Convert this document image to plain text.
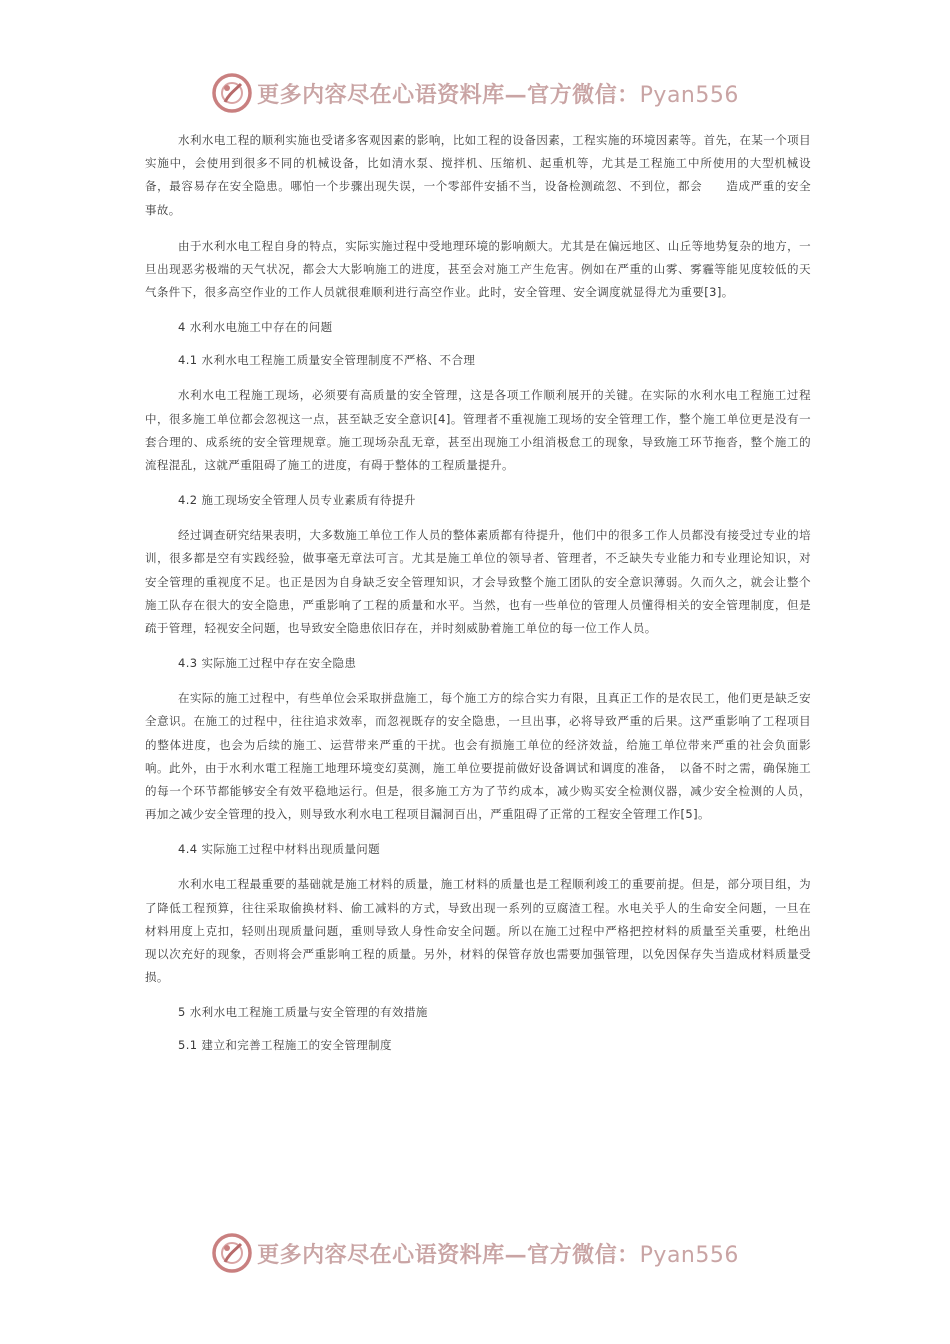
更多内容尽在心语资料库—官方微信：Pyan556

水利水电工程的顺利实施也受诸多客观因素的影响，比如工程的设备因素，工程实施的环境因素等。首先，在某一个项目实施中，会使用到很多不同的机械设备，比如清水泵、搅拌机、压缩机、起重机等，尤其是工程施工中所使用的大型机械设备，最容易存在安全隐患。哪怕一个步骤出现失误，一个零部件安插不当，设备检测疏忽、不到位，都会　　造成严重的安全事故。

由于水利水电工程自身的特点，实际实施过程中受地理环境的影响颇大。尤其是在偏远地区、山丘等地势复杂的地方，一旦出现恶劣极端的天气状况，都会大大影响施工的进度，甚至会对施工产生危害。例如在严重的山雾、雾霾等能见度较低的天气条件下，很多高空作业的工作人员就很难顺利进行高空作业。此时，安全管理、安全调度就显得尤为重要[3]。

4 水利水电施工中存在的问题
4.1 水利水电工程施工质量安全管理制度不严格、不合理

水利水电工程施工现场，必须要有高质量的安全管理，这是各项工作顺利展开的关键。在实际的水利水电工程施工过程中，很多施工单位都会忽视这一点，甚至缺乏安全意识[4]。管理者不重视施工现场的安全管理工作，整个施工单位更是没有一套合理的、成系统的安全管理规章。施工现场杂乱无章，甚至出现施工小组消极怠工的现象，导致施工环节拖沓，整个施工的流程混乱，这就严重阻碍了施工的进度，有碍于整体的工程质量提升。

4.2 施工现场安全管理人员专业素质有待提升

经过调查研究结果表明，大多数施工单位工作人员的整体素质都有待提升，他们中的很多工作人员都没有接受过专业的培训，很多都是空有实践经验，做事毫无章法可言。尤其是施工单位的领导者、管理者，不乏缺失专业能力和专业理论知识，对安全管理的重视度不足。也正是因为自身缺乏安全管理知识，才会导致整个施工团队的安全意识薄弱。久而久之，就会让整个施工队存在很大的安全隐患，严重影响了工程的质量和水平。当然，也有一些单位的管理人员懂得相关的安全管理制度，但是疏于管理，轻视安全问题，也导致安全隐患依旧存在，并时刻威胁着施工单位的每一位工作人员。

4.3 实际施工过程中存在安全隐患

在实际的施工过程中，有些单位会采取拼盘施工，每个施工方的综合实力有限，且真正工作的是农民工，他们更是缺乏安全意识。在施工的过程中，往往追求效率，而忽视既存的安全隐患，一旦出事，必将导致严重的后果。这严重影响了工程项目的整体进度，也会为后续的施工、运营带来严重的干扰。也会有损施工单位的经济效益，给施工单位带来严重的社会负面影响。此外，由于水利水電工程施工地理环境变幻莫测，施工单位要提前做好设备调试和调度的准备，　以备不时之需，确保施工的每一个环节都能够安全有效平稳地运行。但是，很多施工方为了节约成本，减少购买安全检测仪器，减少安全检测的人员，再加之减少安全管理的投入，则导致水利水电工程项目漏洞百出，严重阻碍了正常的工程安全管理工作[5]。

4.4 实际施工过程中材料出现质量问题

水利水电工程最重要的基础就是施工材料的质量，施工材料的质量也是工程顺利竣工的重要前提。但是，部分项目组，为了降低工程预算，往往采取偷换材料、偷工减料的方式，导致出现一系列的豆腐渣工程。水电关乎人的生命安全问题，一旦在材料用度上克扣，轻则出现质量问题，重则导致人身性命安全问题。所以在施工过程中严格把控材料的质量至关重要，杜绝出现以次充好的现象，否则将会严重影响工程的质量。另外，材料的保管存放也需要加强管理，以免因保存失当造成材料质量受损。

5 水利水电工程施工质量与安全管理的有效措施
5.1 建立和完善工程施工的安全管理制度
更多内容尽在心语资料库—官方微信：Pyan556
